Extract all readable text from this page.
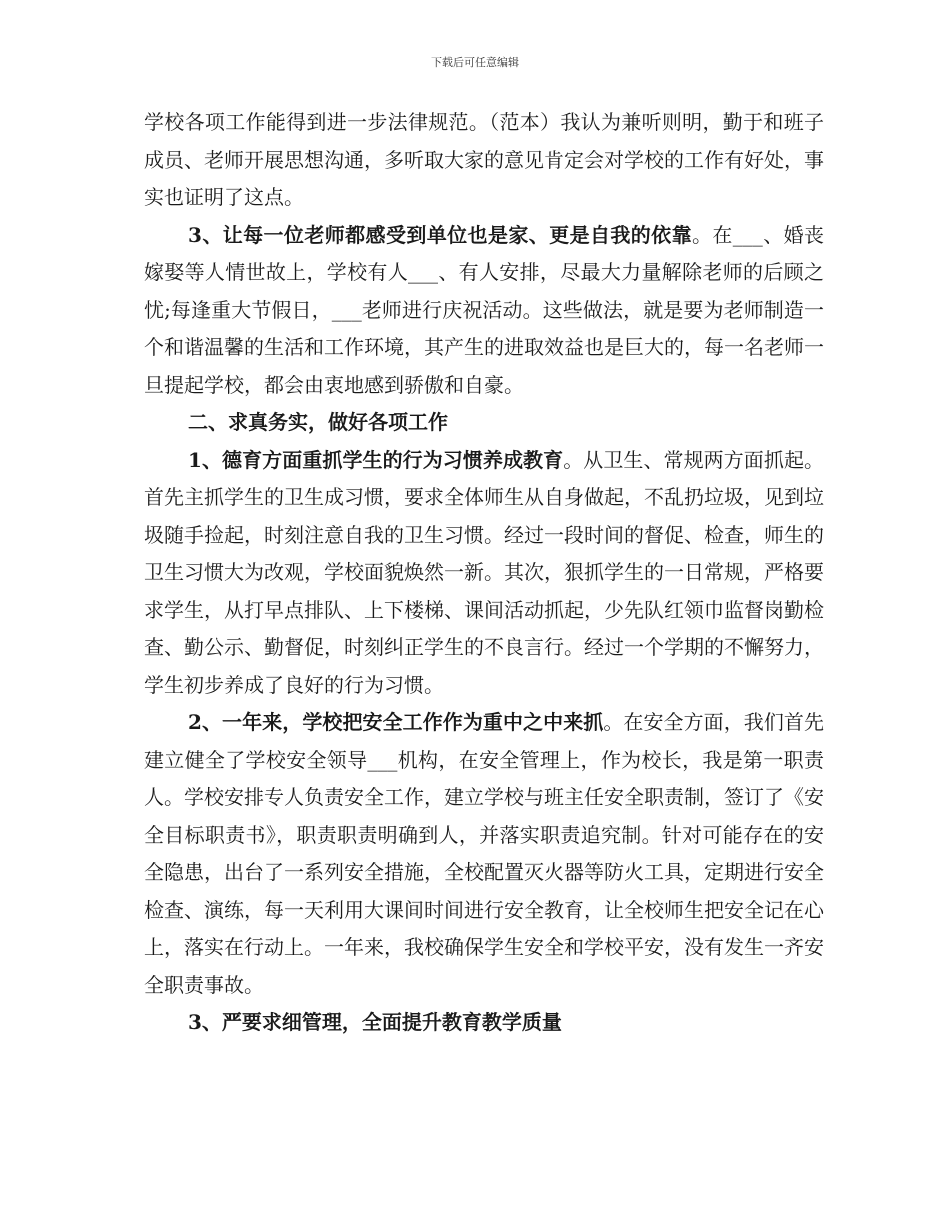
下载后可任意编辑

学校各项工作能得到进一步法律规范。（范本）我认为兼听则明，勤于和班子成员、老师开展思想沟通，多听取大家的意见肯定会对学校的工作有好处，事实也证明了这点。

3、让每一位老师都感受到单位也是家、更是自我的依靠。在___、婚丧嫁娶等人情世故上，学校有人___、有人安排，尽最大力量解除老师的后顾之忧;每逢重大节假日，___老师进行庆祝活动。这些做法，就是要为老师制造一个和谐温馨的生活和工作环境，其产生的进取效益也是巨大的，每一名老师一旦提起学校，都会由衷地感到骄傲和自豪。

二、求真务实，做好各项工作

1、德育方面重抓学生的行为习惯养成教育。从卫生、常规两方面抓起。首先主抓学生的卫生成习惯，要求全体师生从自身做起，不乱扔垃圾，见到垃圾随手捡起，时刻注意自我的卫生习惯。经过一段时间的督促、检查，师生的卫生习惯大为改观，学校面貌焕然一新。其次，狠抓学生的一日常规，严格要求学生，从打早点排队、上下楼梯、课间活动抓起，少先队红领巾监督岗勤检查、勤公示、勤督促，时刻纠正学生的不良言行。经过一个学期的不懈努力，学生初步养成了良好的行为习惯。

2、一年来，学校把安全工作作为重中之中来抓。在安全方面，我们首先建立健全了学校安全领导___机构，在安全管理上，作为校长，我是第一职责人。学校安排专人负责安全工作，建立学校与班主任安全职责制，签订了《安全目标职责书》，职责职责明确到人，并落实职责追究制。针对可能存在的安全隐患，出台了一系列安全措施，全校配置灭火器等防火工具，定期进行安全检查、演练，每一天利用大课间时间进行安全教育，让全校师生把安全记在心上，落实在行动上。一年来，我校确保学生安全和学校平安，没有发生一齐安全职责事故。

3、严要求细管理，全面提升教育教学质量
